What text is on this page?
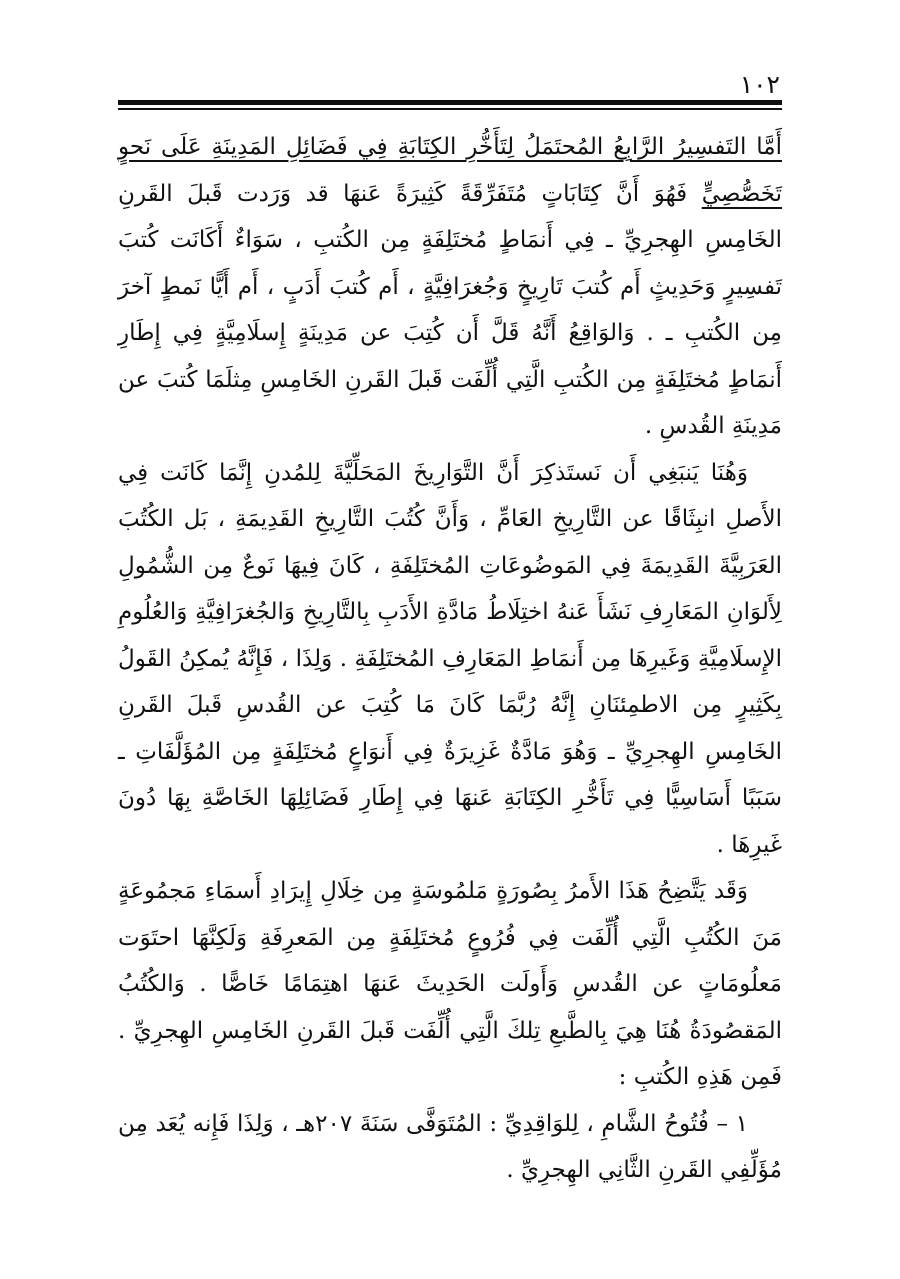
١٠٢

أَمَّا التَفسِيرُ الرَّابِعُ المُحتَمَلُ لِتَأَخُّرِ الكِتَابَةِ فِي فَضَائِلِ المَدِينَةِ عَلَى نَحوٍ تَخَصُّصِيٍّ فَهُوَ أَنَّ كِتَابَاتٍ مُتَفَرِّقَةً كَثِيرَةً عَنهَا قد وَرَدت قَبلَ القَرنِ الخَامِسِ الهِجرِيِّ ـ فِي أَنمَاطٍ مُختَلِفَةٍ مِن الكُتبِ ، سَوَاءٌ أَكَانَت كُتبَ تَفسِيرٍ وَحَدِيثٍ أَم كُتبَ تَارِيخٍ وَجُغرَافِيَّةٍ ، أَم كُتبَ أَدَبٍ ، أَم أَيًّا نَمطٍ آخرَ مِن الكُتبِ ـ . وَالوَاقِعُ أَنَّهُ قَلَّ أَن كُتِبَ عن مَدِينَةٍ إِسلَامِيَّةٍ فِي إِطَارِ أَنمَاطٍ مُختَلِفَةٍ مِن الكُتبِ الَّتِي أُلِّفَت قَبلَ القَرنِ الخَامِسِ مِثلَمَا كُتبَ عن مَدِينَةِ القُدسِ .

وَهُنَا يَنبَغِي أَن نَستَذكِرَ أَنَّ التَّوَارِيخَ المَحَلِّيَّةَ لِلمُدنِ إِنَّمَا كَانَت فِي الأَصلِ انبِثَاقًا عن التَّارِيخِ العَامِّ ، وَأَنَّ كُتُبَ التَّارِيخِ القَدِيمَةِ ، بَل الكُتُبَ العَرَبِيَّةَ القَدِيمَةَ فِي المَوضُوعَاتِ المُختَلِفَةِ ، كَانَ فِيهَا نَوعٌ مِن الشُّمُولِ لِأَلوَانِ المَعَارِفِ نَشَأَ عَنهُ اختِلَاطُ مَادَّةِ الأَدَبِ بِالتَّارِيخِ وَالجُغرَافِيَّةِ وَالعُلُومِ الإِسلَامِيَّةِ وَغَيرِهَا مِن أَنمَاطِ المَعَارِفِ المُختَلِفَةِ . وَلِذَا ، فَإِنَّهُ يُمكِنُ القَولُ بِكَثِيرٍ مِن الاطمِئنَانِ إِنَّهُ رُبَّمَا كَانَ مَا كُتِبَ عن القُدسِ قَبلَ القَرنِ الخَامِسِ الهِجرِيِّ ـ وَهُوَ مَادَّةٌ غَزِيرَةٌ فِي أَنوَاعٍ مُختَلِفَةٍ مِن المُؤَلَّفَاتِ ـ سَبَبًا أَسَاسِيًّا فِي تَأَخُّرِ الكِتَابَةِ عَنهَا فِي إِطَارِ فَضَائِلِهَا الخَاصَّةِ بِهَا دُونَ غَيرِهَا .

وَقَد يَتَّضِحُ هَذَا الأَمرُ بِصُورَةٍ مَلمُوسَةٍ مِن خِلَالِ إِيرَادِ أَسمَاءِ مَجمُوعَةٍ مَنَ الكُتُبِ الَّتِي أُلِّفَت فِي فُرُوعٍ مُختَلِفَةٍ مِن المَعرِفَةِ وَلَكِنَّهَا احتَوَت مَعلُومَاتٍ عن القُدسِ وَأَولَت الحَدِيثَ عَنهَا اهتِمَامًا خَاصًّا . وَالكُتُبُ المَقصُودَةُ هُنَا هِيَ بِالطَّبعِ تِلكَ الَّتِي أُلِّفَت قَبلَ القَرنِ الخَامِسِ الهِجرِيِّ . فَمِن هَذِهِ الكُتبِ :

١ – فُتُوحُ الشَّامِ ، لِلوَاقِدِيِّ : المُتَوَفَّى سَنَةَ ٢٠٧هـ ، وَلِذَا فَإِنه يُعَد مِن مُؤَلِّفِي القَرنِ الثَّانِي الهِجرِيِّ .
